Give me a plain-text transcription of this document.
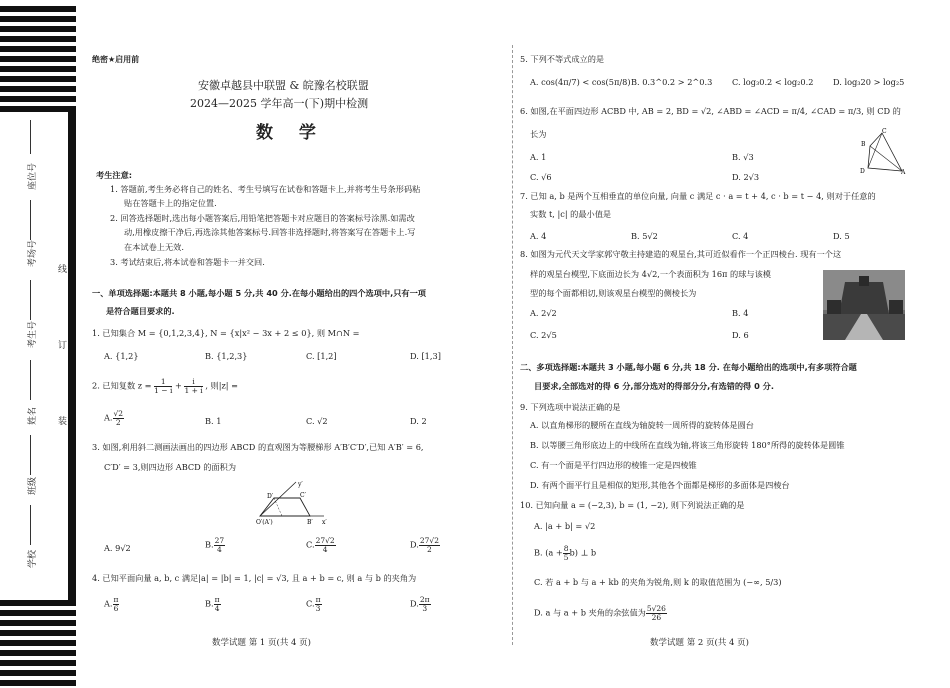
座位号
考场号
考生号
姓名
班级
学校
线
订
装
绝密★启用前
安徽卓越县中联盟 & 皖豫名校联盟
2024—2025 学年高一(下)期中检测
数 学
考生注意:
1. 答题前,考生务必将自己的姓名、考生号填写在试卷和答题卡上,并将考生号条形码粘
贴在答题卡上的指定位置.
2. 回答选择题时,选出每小题答案后,用铅笔把答题卡对应题目的答案标号涂黑.如需改
动,用橡皮擦干净后,再选涂其他答案标号.回答非选择题时,将答案写在答题卡上.写
在本试卷上无效.
3. 考试结束后,将本试卷和答题卡一并交回.
一、单项选择题:本题共 8 小题,每小题 5 分,共 40 分.在每小题给出的四个选项中,只有一项
是符合题目要求的.
1. 已知集合 M = {0,1,2,3,4}, N = {x|x² − 3x + 2 ≤ 0}, 则 M∩N =
A. {1,2}	B. {1,2,3}	C. [1,2]	D. [1,3]
2. 已知复数 $z = \frac{1}{1 - i} + \frac{i}{1 + i}$ , 则|z| =
A. $\frac{√2}{2}$	B. 1	C. √2	D. 2
3. 如图,利用斜二测画法画出的四边形 ABCD 的直观图为等腰梯形 A′B′C′D′,已知 A′B′ = 6,
C′D′ = 3,则四边形 ABCD 的面积为
y′
D′	C′
O′(A′)	B′ x′
A. 9√2	B. $\frac{27}{4}$	C. $\frac{27√2}{4}$	D. $\frac{27√2}{2}$
4. 已知平面向量 a, b, c 满足|a| = |b| = 1, |c| = √3, 且 a + b = c, 则 a 与 b 的夹角为
A. $\frac{\pi}{6}$	B. $\frac{\pi}{4}$	C. $\frac{\pi}{3}$	D. $\frac{2\pi}{3}$
数学试题 第 1 页(共 4 页)
5. 下列不等式成立的是
A. cos(4π/7) < cos(5π/8) B. 0.3^0.2 > 2^0.3 C. log₃0.2 < log₂0.2 D. log₃20 > log₂5
6. 如图,在平面四边形 ACBD 中, AB = 2, BD = √2, ∠ABD = ∠ACD = π/4, ∠CAD = π/3, 则 CD 的
长为
A. 1	B. √3
C. √6	D. 2√3
B
C
D	A
7. 已知 a, b 是两个互相垂直的单位向量, 向量 c 满足 c · a = t + 4, c · b = t − 4, 则对于任意的
实数 t, |c| 的最小值是
A. 4	B. 5√2	C. 4	D. 5
8. 如图为元代天文学家郭守敬主持建造的观星台,其可近似看作一个正四棱台. 现有一个这
样的观星台模型,下底面边长为 4√2,一个表面积为 16π 的球与该模
型的每个面都相切,则该观星台模型的侧棱长为
A. 2√2	B. 4
C. 2√5	D. 6
二、多项选择题:本题共 3 小题,每小题 6 分,共 18 分. 在每小题给出的选项中,有多项符合题
目要求,全部选对的得 6 分,部分选对的得部分分,有选错的得 0 分.
9. 下列选项中说法正确的是
A. 以直角梯形的腰所在直线为轴旋转一周所得的旋转体是圆台
B. 以等腰三角形底边上的中线所在直线为轴,将该三角形旋转 180°所得的旋转体是圆锥
C. 有一个面是平行四边形的棱锥一定是四棱锥
D. 有两个面平行且是相似的矩形,其他各个面都是梯形的多面体是四棱台
10. 已知向量 a = (−2,3), b = (1, −2), 则下列说法正确的是
A. |a + b| = √2
B. $(a + \frac{8}{5} b)$ ⊥ b
C. 若 a + b 与 a + kb 的夹角为锐角,则 k 的取值范围为 (−∞, 5/3)
D. a 与 a + b 夹角的余弦值为 $\frac{5√26}{26}$
数学试题 第 2 页(共 4 页)
